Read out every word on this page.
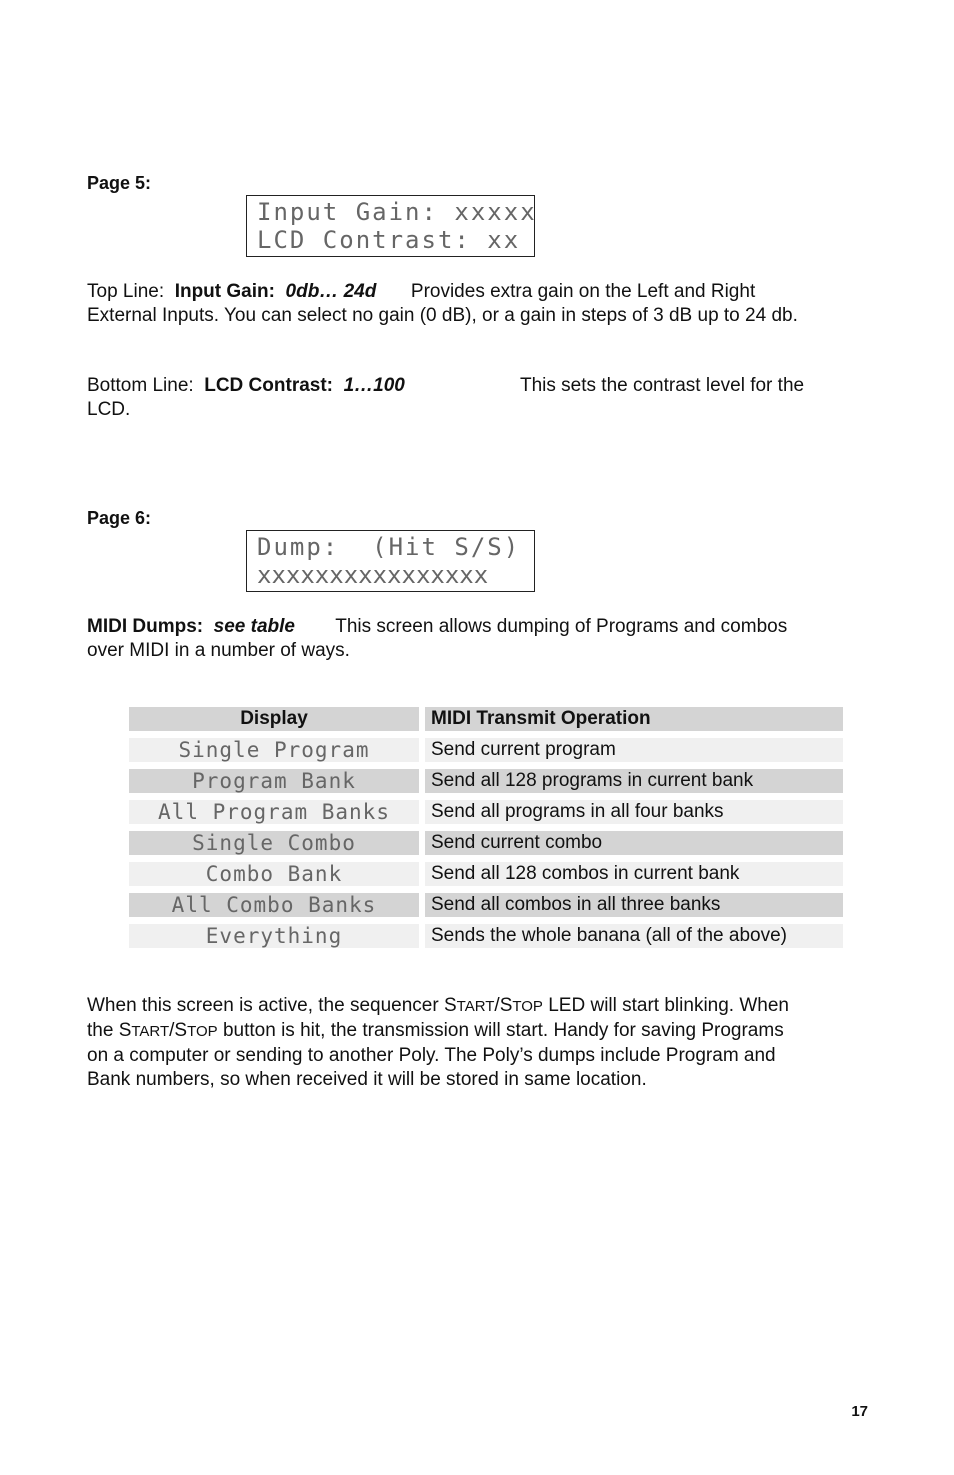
Page 5:
Input Gain: xxxxx
LCD Contrast: xx
Top Line: Input Gain: 0db… 24d Provides extra gain on the Left and Right
External Inputs. You can select no gain (0 dB), or a gain in steps of 3 dB up to 24 db.
Bottom Line: LCD Contrast: 1…100	This sets the contrast level for the
LCD.
Page 6:
Dump:  (Hit S/S)
xxxxxxxxxxxxxxxx
MIDI Dumps: see table This screen allows dumping of Programs and combos
over MIDI in a number of ways.
Display		MIDI Transmit Operation
Single Program		Send current program
Program Bank		Send all 128 programs in current bank
All Program Banks		Send all programs in all four banks
Single Combo		Send current combo
Combo Bank		Send all 128 combos in current bank
All Combo Banks		Send all combos in all three banks
Everything		Sends the whole banana (all of the above)
When this screen is active, the sequencer START/STOP LED will start blinking. When
the START/STOP button is hit, the transmission will start. Handy for saving Programs
on a computer or sending to another Poly. The Poly’s dumps include Program and
Bank numbers, so when received it will be stored in same location.
17
